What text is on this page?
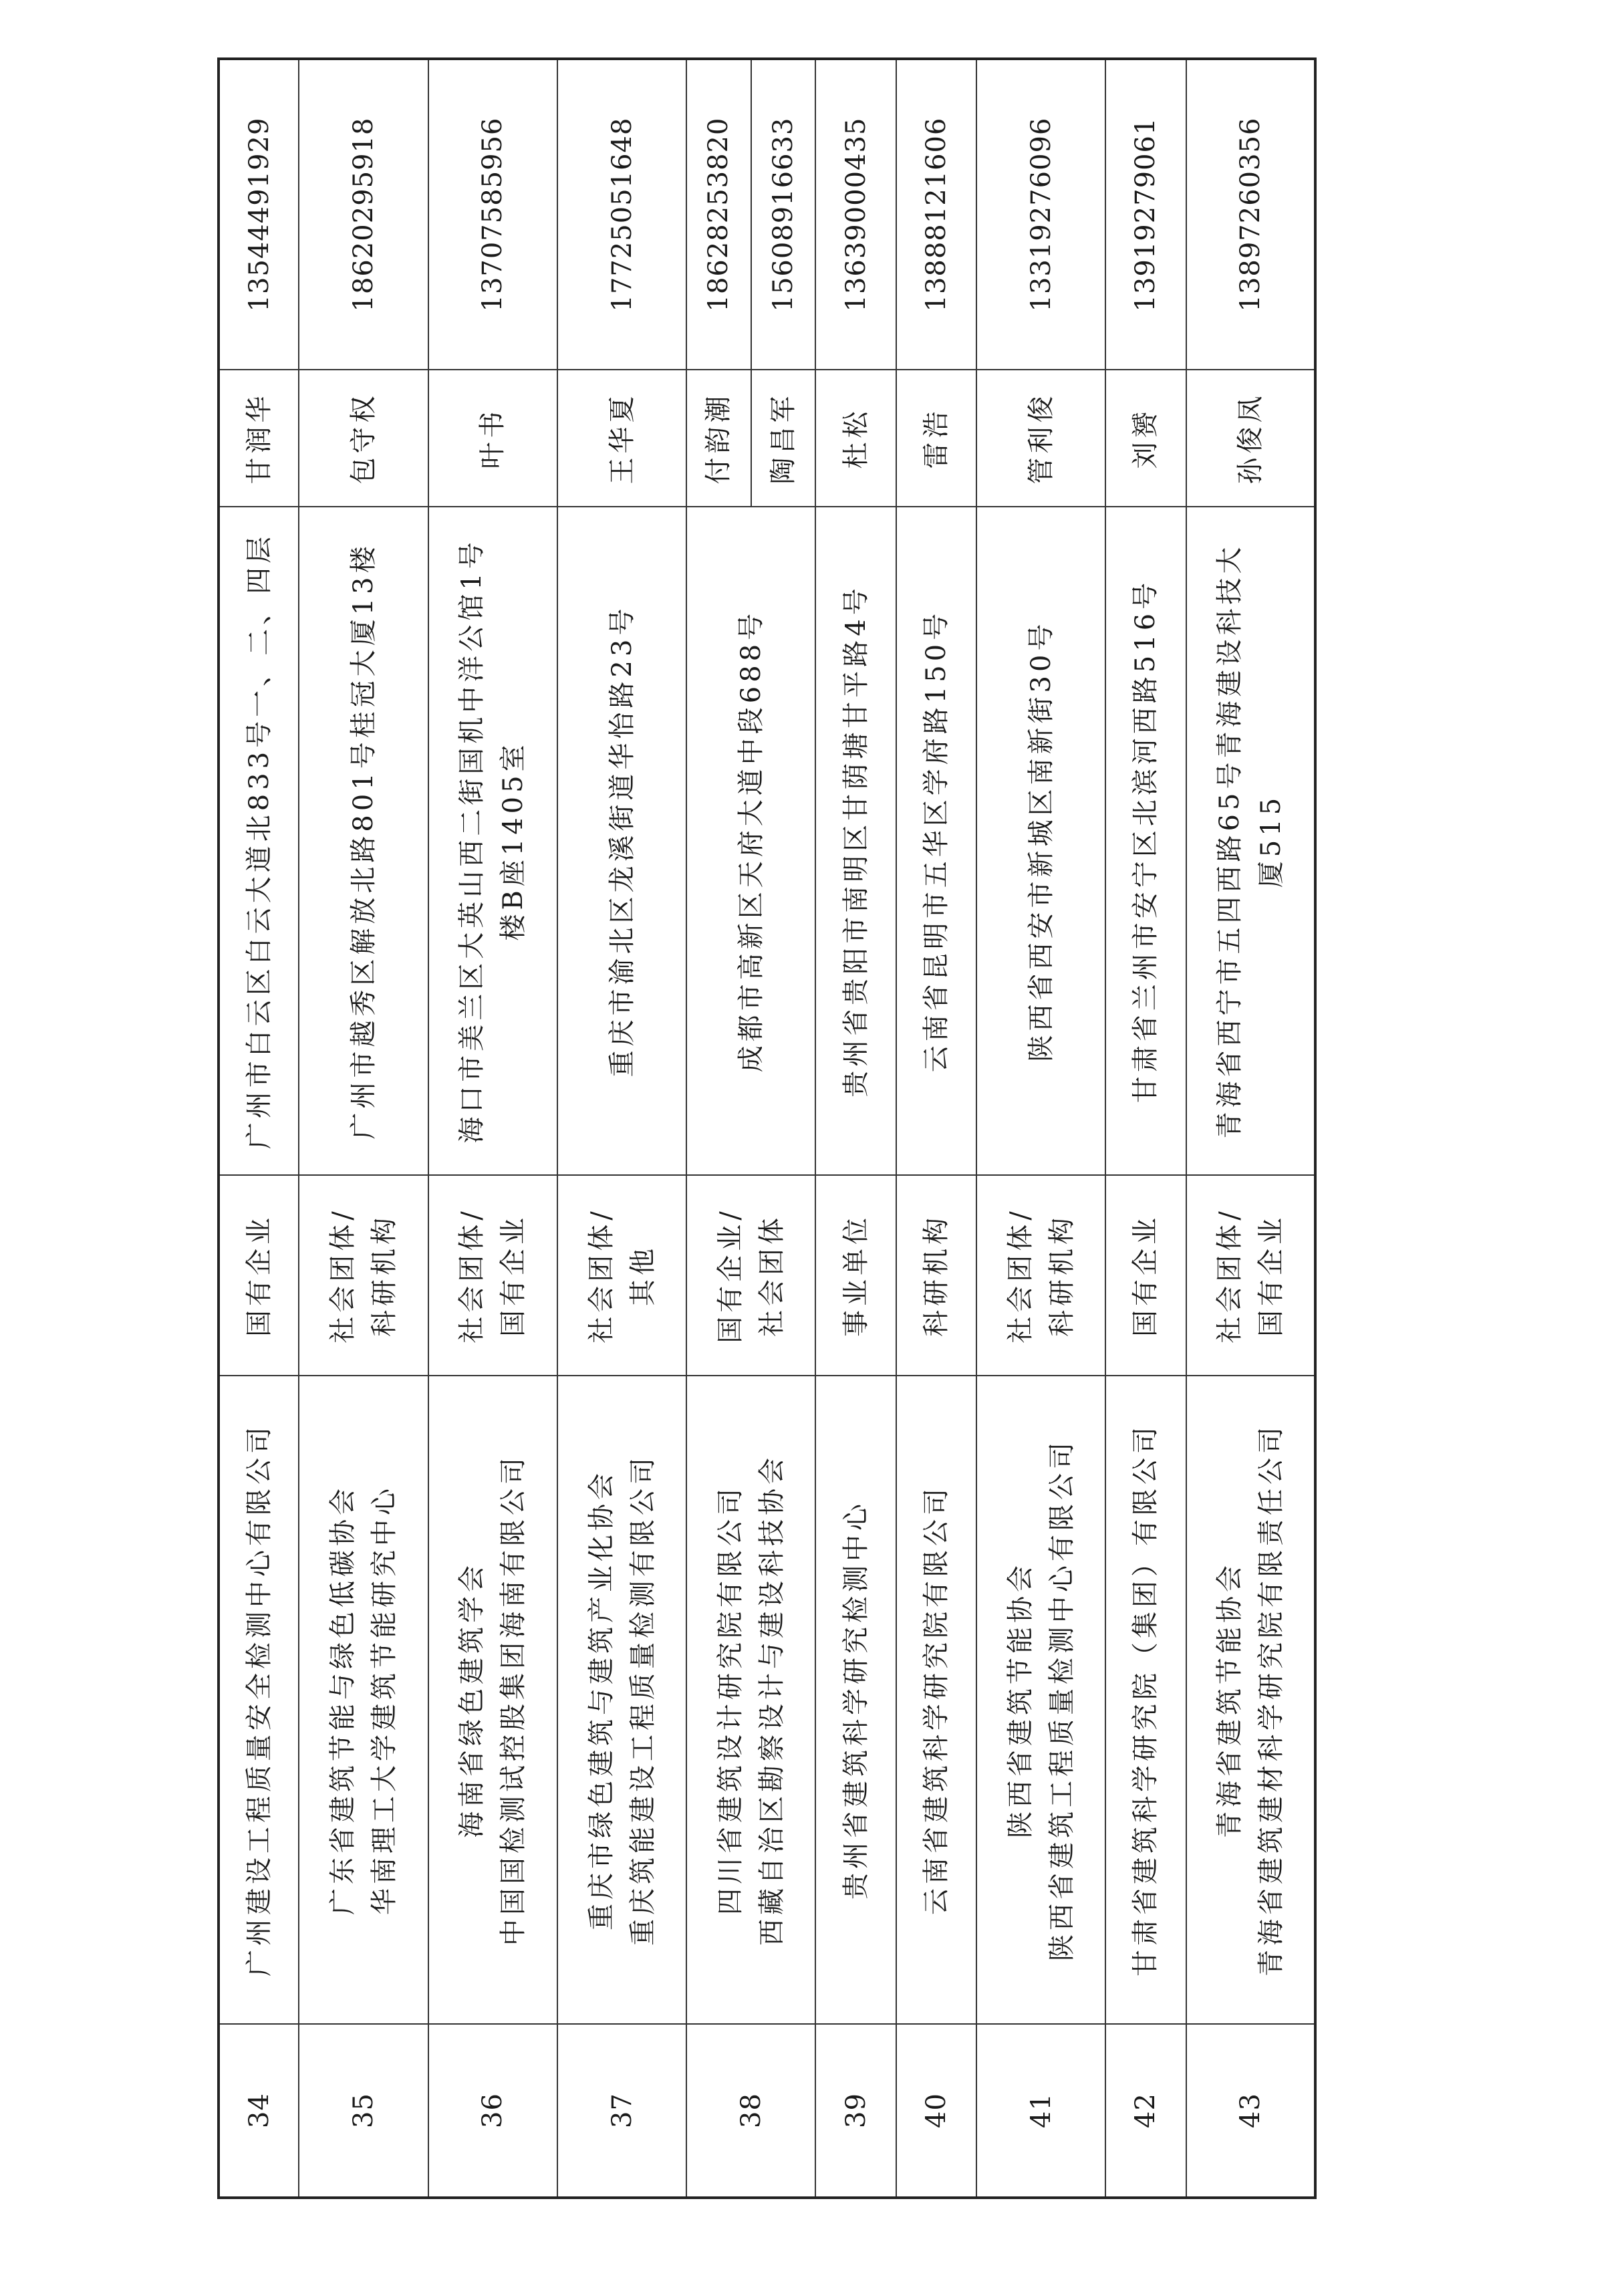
34	广州建设工程质量安全检测中心有限公司	国有企业	广州市白云区白云大道北833号一、二、四层	甘润华	13544491929
35	广东省建筑节能与绿色低碳协会 华南理工大学建筑节能研究中心	社会团体/ 科研机构	广州市越秀区解放北路801号桂冠大厦13楼	包守权	18620295918
36	海南省绿色建筑学会 中国国检测试控股集团海南有限公司	社会团体/ 国有企业	海口市美兰区大英山西二街国机中洋公馆1号 楼B座1405室	叶书	13707585956
37	重庆市绿色建筑与建筑产业化协会 重庆筑能建设工程质量检测有限公司	社会团体/ 其他	重庆市渝北区龙溪街道华怡路23号	王华夏	17725051648
38	四川省建筑设计研究院有限公司 西藏自治区勘察设计与建设科技协会	国有企业/ 社会团体	成都市高新区天府大道中段688号	付韵潮	18628253820
				陶昌军	15608916633
39	贵州省建筑科学研究检测中心	事业单位	贵州省贵阳市南明区甘荫塘甘平路4号	杜松	13639000435
40	云南省建筑科学研究院有限公司	科研机构	云南省昆明市五华区学府路150号	雷浩	13888121606
41	陕西省建筑节能协会 陕西省建筑工程质量检测中心有限公司	社会团体/ 科研机构	陕西省西安市新城区南新街30号	管利俊	13319276096
42	甘肃省建筑科学研究院（集团）有限公司	国有企业	甘肃省兰州市安宁区北滨河西路516号	刘赟	13919279061
43	青海省建筑节能协会 青海省建筑建材科学研究院有限责任公司	社会团体/ 国有企业	青海省西宁市五四西路65号青海建设科技大 厦515	孙俊凤	13897260356
